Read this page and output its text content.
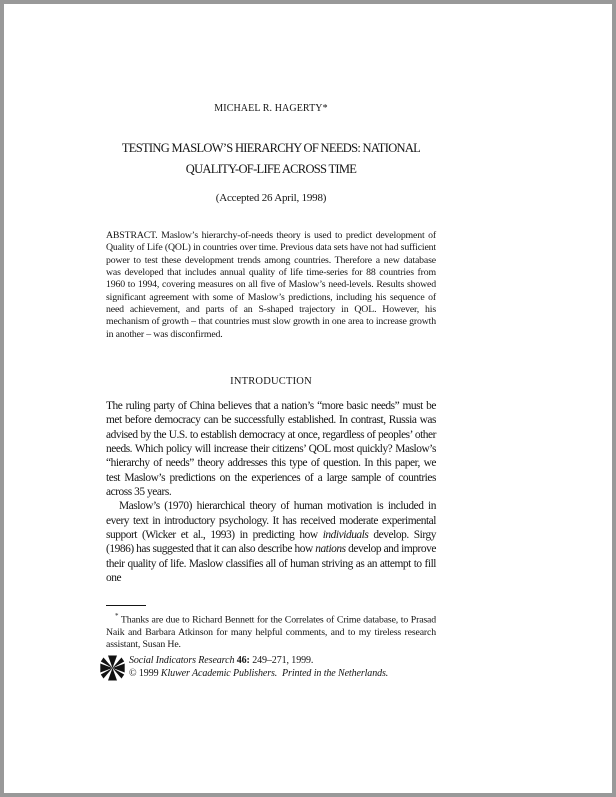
MICHAEL R. HAGERTY*
TESTING MASLOW’S HIERARCHY OF NEEDS: NATIONAL
QUALITY-OF-LIFE ACROSS TIME
(Accepted 26 April, 1998)
ABSTRACT. Maslow’s hierarchy-of-needs theory is used to predict development of Quality of Life (QOL) in countries over time. Previous data sets have not had sufficient power to test these development trends among countries. Therefore a new database was developed that includes annual quality of life time-series for 88 countries from 1960 to 1994, covering measures on all five of Maslow’s need-levels. Results showed significant agreement with some of Maslow’s predictions, including his sequence of need achievement, and parts of an S-shaped trajectory in QOL. However, his mechanism of growth – that countries must slow growth in one area to increase growth in another – was disconfirmed.
INTRODUCTION

The ruling party of China believes that a nation’s “more basic needs” must be met before democracy can be successfully established. In contrast, Russia was advised by the U.S. to establish democracy at once, regardless of peoples’ other needs. Which policy will increase their citizens’ QOL most quickly? Maslow’s “hierarchy of needs” theory addresses this type of question. In this paper, we test Maslow’s predictions on the experiences of a large sample of countries across 35 years.

Maslow’s (1970) hierarchical theory of human motivation is included in every text in introductory psychology. It has received moderate experimental support (Wicker et al., 1993) in predicting how individuals develop. Sirgy (1986) has suggested that it can also describe how nations develop and improve their quality of life. Maslow classifies all of human striving as an attempt to fill one

* Thanks are due to Richard Bennett for the Correlates of Crime database, to Prasad Naik and Barbara Atkinson for many helpful comments, and to my tireless research assistant, Susan He.

Social Indicators Research 46: 249–271, 1999.
© 1999 Kluwer Academic Publishers. Printed in the Netherlands.
